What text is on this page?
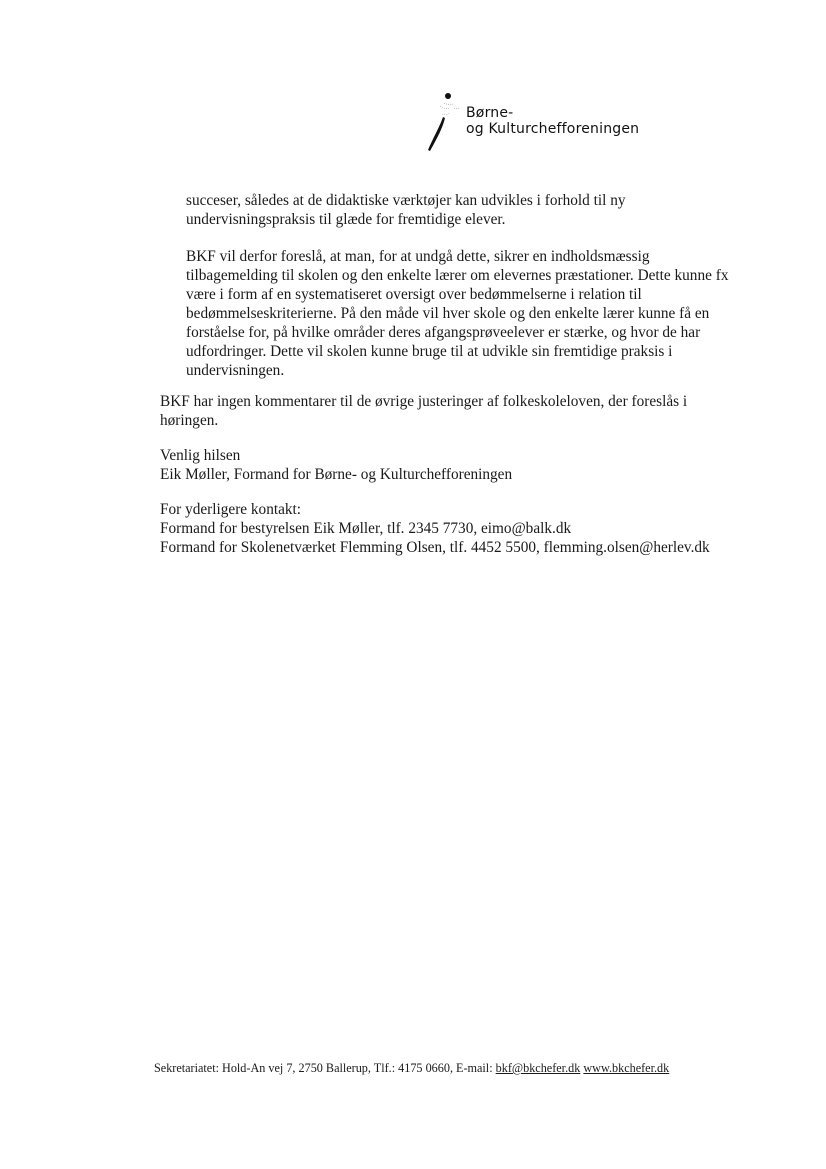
Børne-
og Kulturchefforeningen

succeser, således at de didaktiske værktøjer kan udvikles i forhold til ny

undervisningspraksis til glæde for fremtidige elever.

BKF vil derfor foreslå, at man, for at undgå dette, sikrer en indholdsmæssig

tilbagemelding til skolen og den enkelte lærer om elevernes præstationer. Dette kunne fx

være i form af en systematiseret oversigt over bedømmelserne i relation til

bedømmelseskriterierne. På den måde vil hver skole og den enkelte lærer kunne få en

forståelse for, på hvilke områder deres afgangsprøveelever er stærke, og hvor de har

udfordringer. Dette vil skolen kunne bruge til at udvikle sin fremtidige praksis i

undervisningen.

BKF har ingen kommentarer til de øvrige justeringer af folkeskoleloven, der foreslås i

høringen.

Venlig hilsen

Eik Møller, Formand for Børne- og Kulturchefforeningen

For yderligere kontakt:

Formand for bestyrelsen Eik Møller, tlf. 2345 7730, eimo@balk.dk

Formand for Skolenetværket Flemming Olsen, tlf. 4452 5500, flemming.olsen@herlev.dk

Sekretariatet: Hold-An vej 7, 2750 Ballerup, Tlf.: 4175 0660, E-mail: bkf@bkchefer.dk www.bkchefer.dk
